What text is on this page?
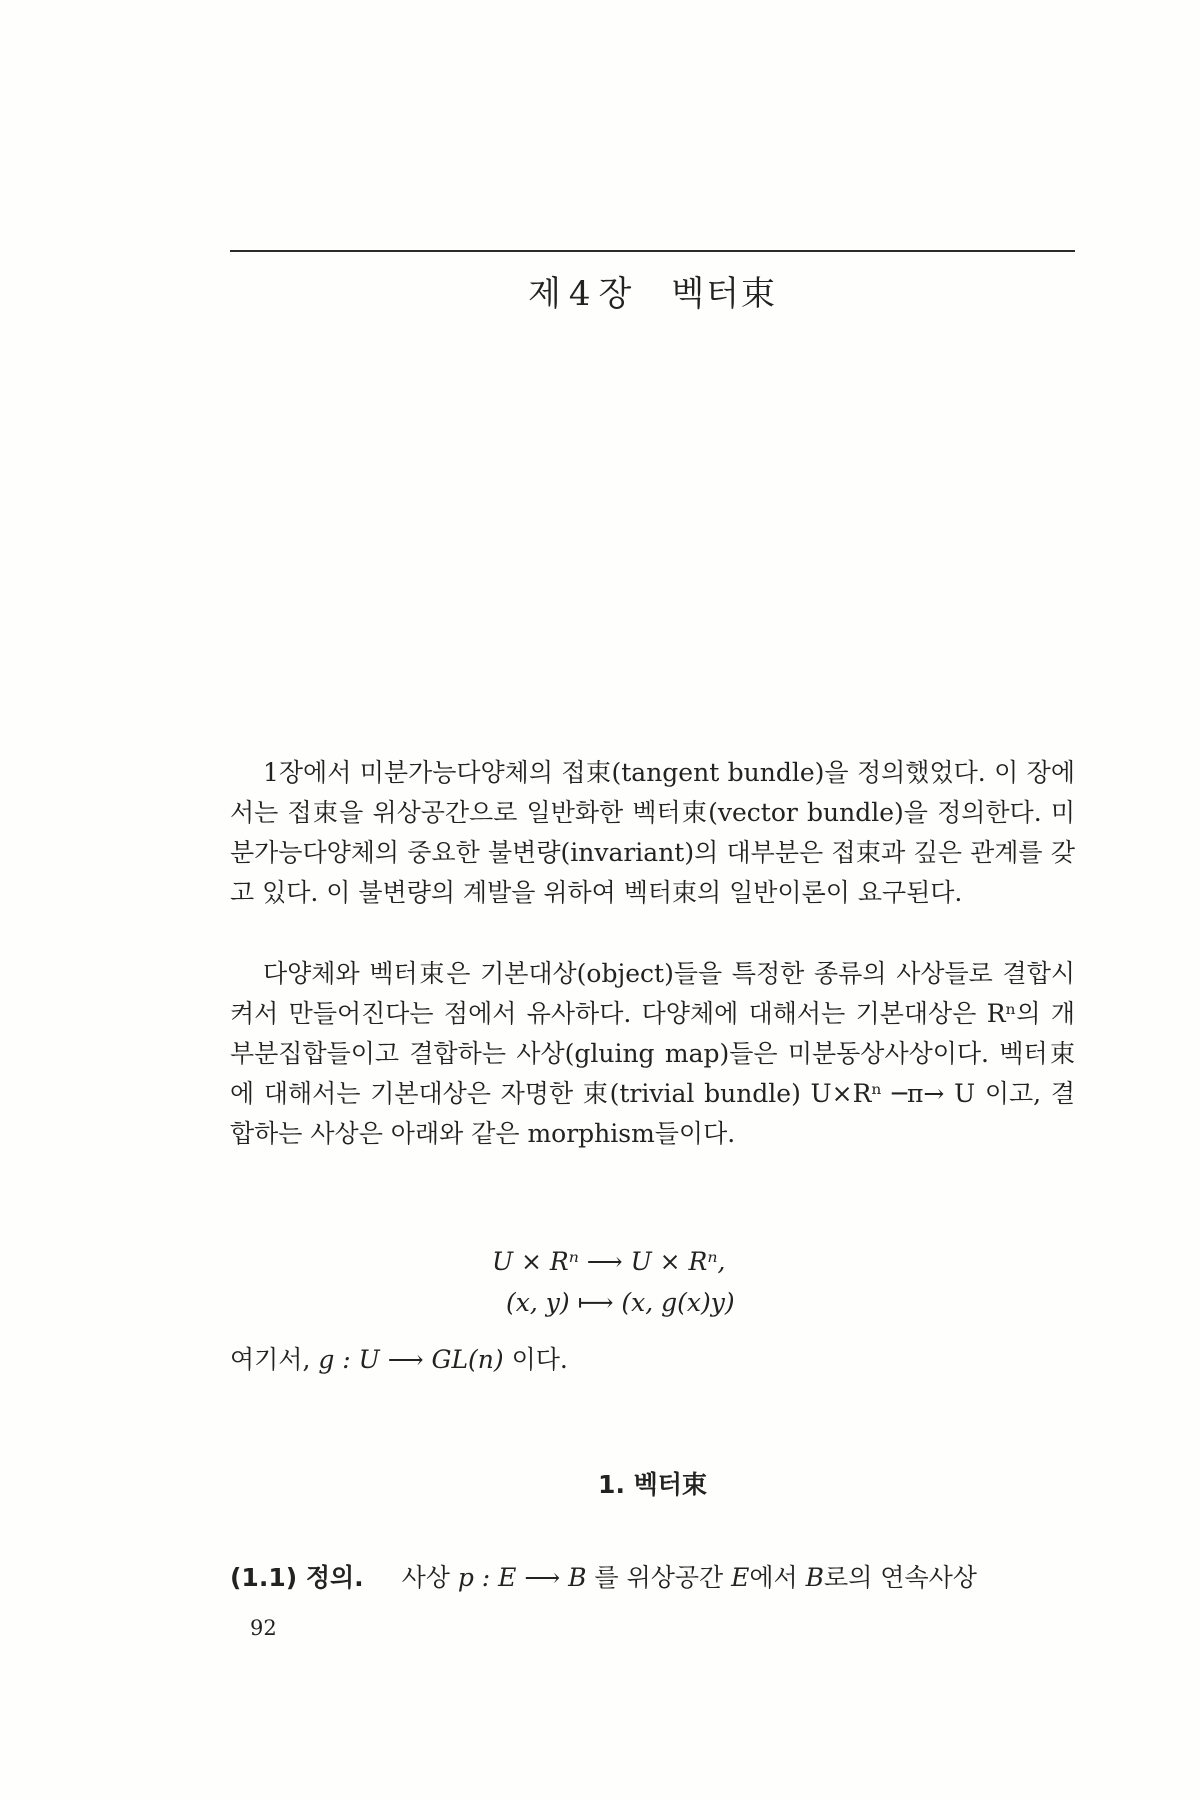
제 4 장 벡터束

1장에서 미분가능다양체의 접束(tangent bundle)을 정의했었다. 이 장에서는 접束을 위상공간으로 일반화한 벡터束(vector bundle)을 정의한다. 미분가능다양체의 중요한 불변량(invariant)의 대부분은 접束과 깊은 관계를 갖고 있다. 이 불변량의 계발을 위하여 벡터束의 일반이론이 요구된다.

다양체와 벡터束은 기본대상(object)들을 특정한 종류의 사상들로 결합시켜서 만들어진다는 점에서 유사하다. 다양체에 대해서는 기본대상은 Rⁿ의 개부분집합들이고 결합하는 사상(gluing map)들은 미분동상사상이다. 벡터束에 대해서는 기본대상은 자명한 束(trivial bundle) U×Rⁿ ─π→ U 이고, 결합하는 사상은 아래와 같은 morphism들이다.

U × Rⁿ ⟶ U × Rⁿ,
(x, y) ⟼ (x, g(x)y)
여기서, g : U ⟶ GL(n) 이다.
1. 벡터束
(1.1) 정의. 사상 p : E ⟶ B 를 위상공간 E에서 B로의 연속사상
92
